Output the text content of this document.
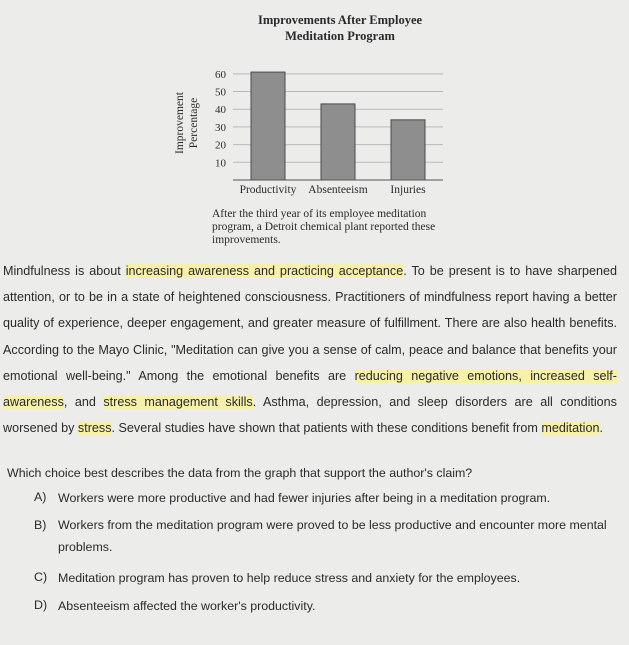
Improvements After Employee Meditation Program
10
20
30
40
50
60
Productivity Absenteeism Injuries
Improvement Percentage
After the third year of its employee meditation program, a Detroit chemical plant reported these improvements.

Mindfulness is about increasing awareness and practicing acceptance. To be present is to have sharpened attention, or to be in a state of heightened consciousness. Practitioners of mindfulness report having a better quality of experience, deeper engagement, and greater measure of fulfillment. There are also health benefits. According to the Mayo Clinic, "Meditation can give you a sense of calm, peace and balance that benefits your emotional well-being." Among the emotional benefits are reducing negative emotions, increased self-awareness, and stress management skills. Asthma, depression, and sleep disorders are all conditions worsened by stress. Several studies have shown that patients with these conditions benefit from meditation.

Which choice best describes the data from the graph that support the author's claim?

A) Workers were more productive and had fewer injuries after being in a meditation program.
B) Workers from the meditation program were proved to be less productive and encounter more mental problems.
C) Meditation program has proven to help reduce stress and anxiety for the employees.
D) Absenteeism affected the worker's productivity.
